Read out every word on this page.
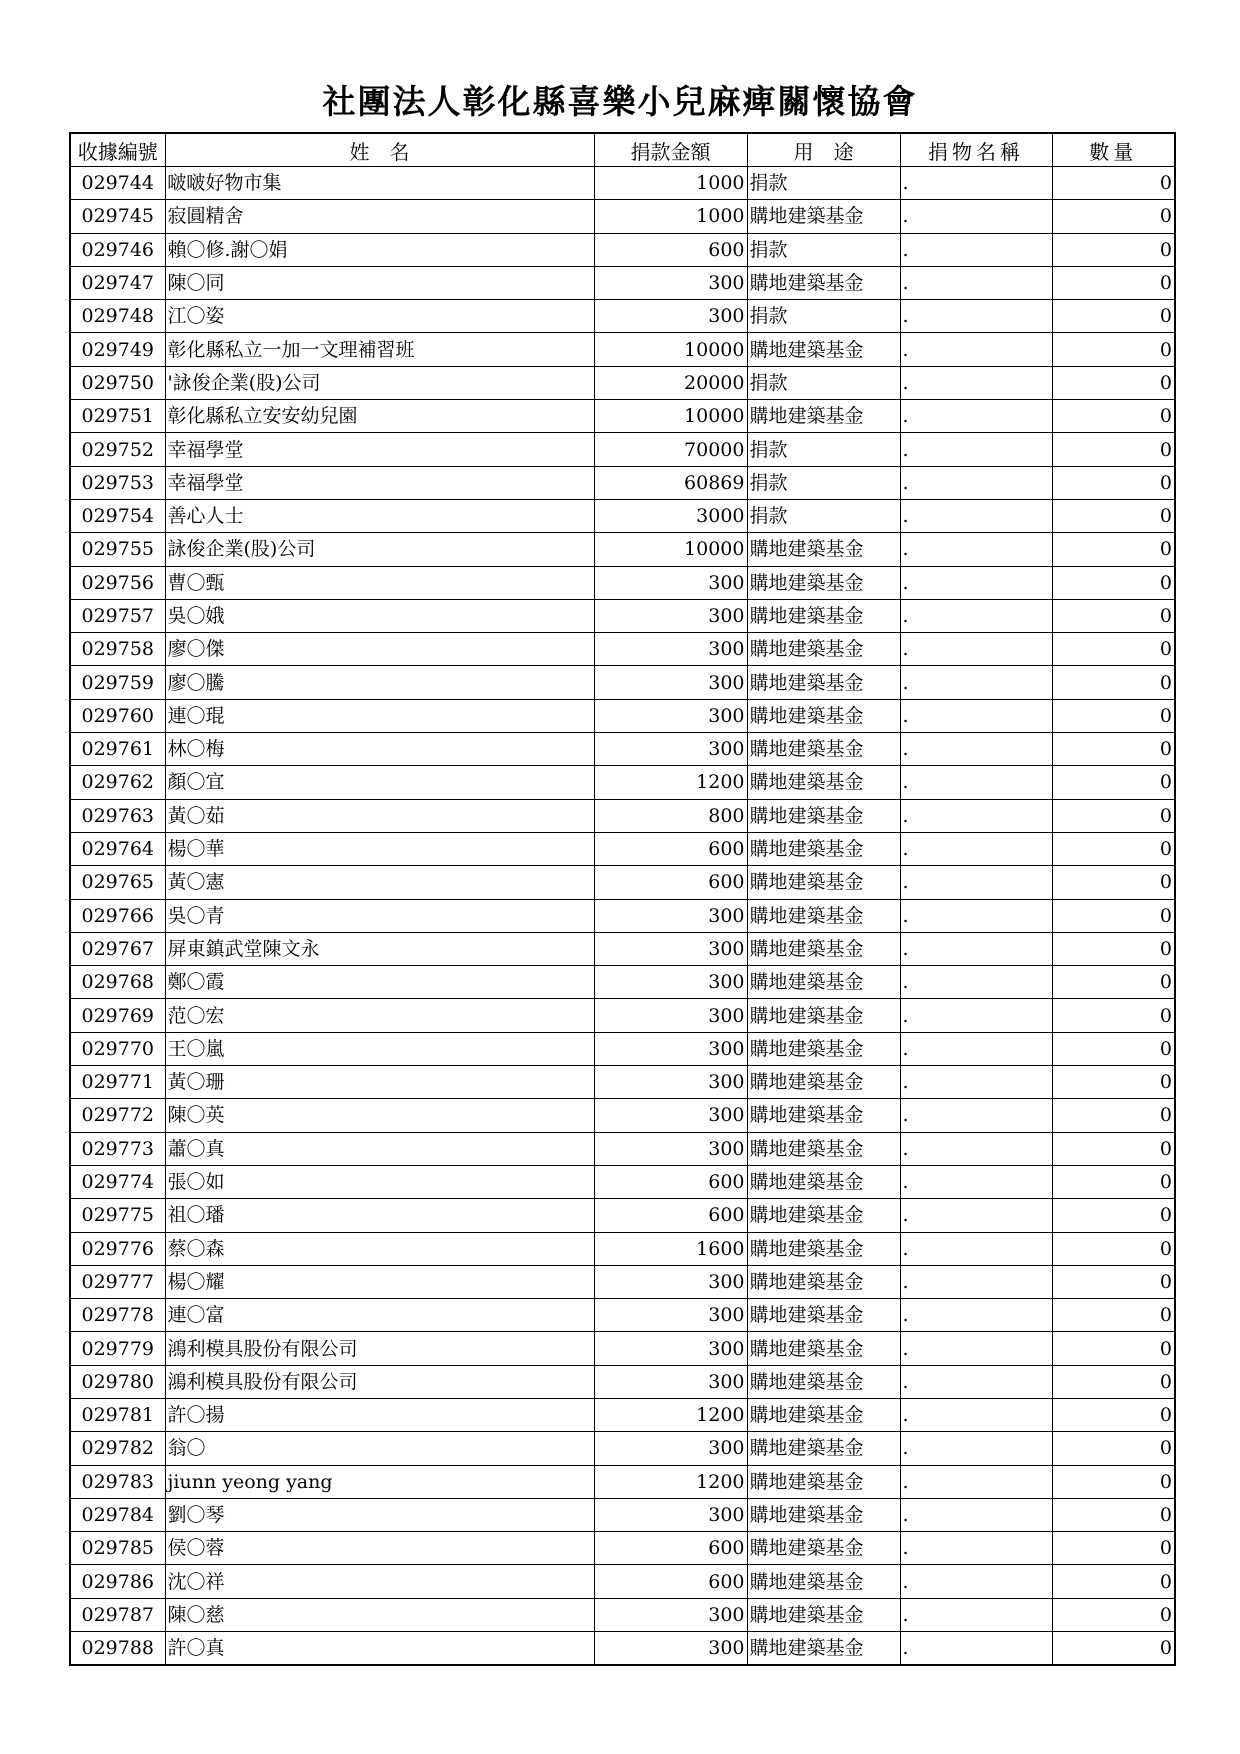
社團法人彰化縣喜樂小兒麻痺關懷協會
收據編號	姓　名	捐款金額	用　途	捐物名稱	數量
029744	啵啵好物市集	1000	捐款	.	0
029745	寂圓精舍	1000	購地建築基金	.	0
029746	賴〇修.謝〇娟	600	捐款	.	0
029747	陳〇同	300	購地建築基金	.	0
029748	江〇姿	300	捐款	.	0
029749	彰化縣私立一加一文理補習班	10000	購地建築基金	.	0
029750	'詠俊企業(股)公司	20000	捐款	.	0
029751	彰化縣私立安安幼兒園	10000	購地建築基金	.	0
029752	幸福學堂	70000	捐款	.	0
029753	幸福學堂	60869	捐款	.	0
029754	善心人士	3000	捐款	.	0
029755	詠俊企業(股)公司	10000	購地建築基金	.	0
029756	曹〇甄	300	購地建築基金	.	0
029757	吳〇娥	300	購地建築基金	.	0
029758	廖〇傑	300	購地建築基金	.	0
029759	廖〇騰	300	購地建築基金	.	0
029760	連〇琨	300	購地建築基金	.	0
029761	林〇梅	300	購地建築基金	.	0
029762	顏〇宜	1200	購地建築基金	.	0
029763	黃〇茹	800	購地建築基金	.	0
029764	楊〇華	600	購地建築基金	.	0
029765	黃〇憲	600	購地建築基金	.	0
029766	吳〇青	300	購地建築基金	.	0
029767	屏東鎮武堂陳文永	300	購地建築基金	.	0
029768	鄭〇霞	300	購地建築基金	.	0
029769	范〇宏	300	購地建築基金	.	0
029770	王〇嵐	300	購地建築基金	.	0
029771	黃〇珊	300	購地建築基金	.	0
029772	陳〇英	300	購地建築基金	.	0
029773	蕭〇真	300	購地建築基金	.	0
029774	張〇如	600	購地建築基金	.	0
029775	祖〇璠	600	購地建築基金	.	0
029776	蔡〇森	1600	購地建築基金	.	0
029777	楊〇耀	300	購地建築基金	.	0
029778	連〇富	300	購地建築基金	.	0
029779	鴻利模具股份有限公司	300	購地建築基金	.	0
029780	鴻利模具股份有限公司	300	購地建築基金	.	0
029781	許〇揚	1200	購地建築基金	.	0
029782	翁〇	300	購地建築基金	.	0
029783	jiunn yeong yang	1200	購地建築基金	.	0
029784	劉〇琴	300	購地建築基金	.	0
029785	侯〇蓉	600	購地建築基金	.	0
029786	沈〇祥	600	購地建築基金	.	0
029787	陳〇慈	300	購地建築基金	.	0
029788	許〇真	300	購地建築基金	.	0
